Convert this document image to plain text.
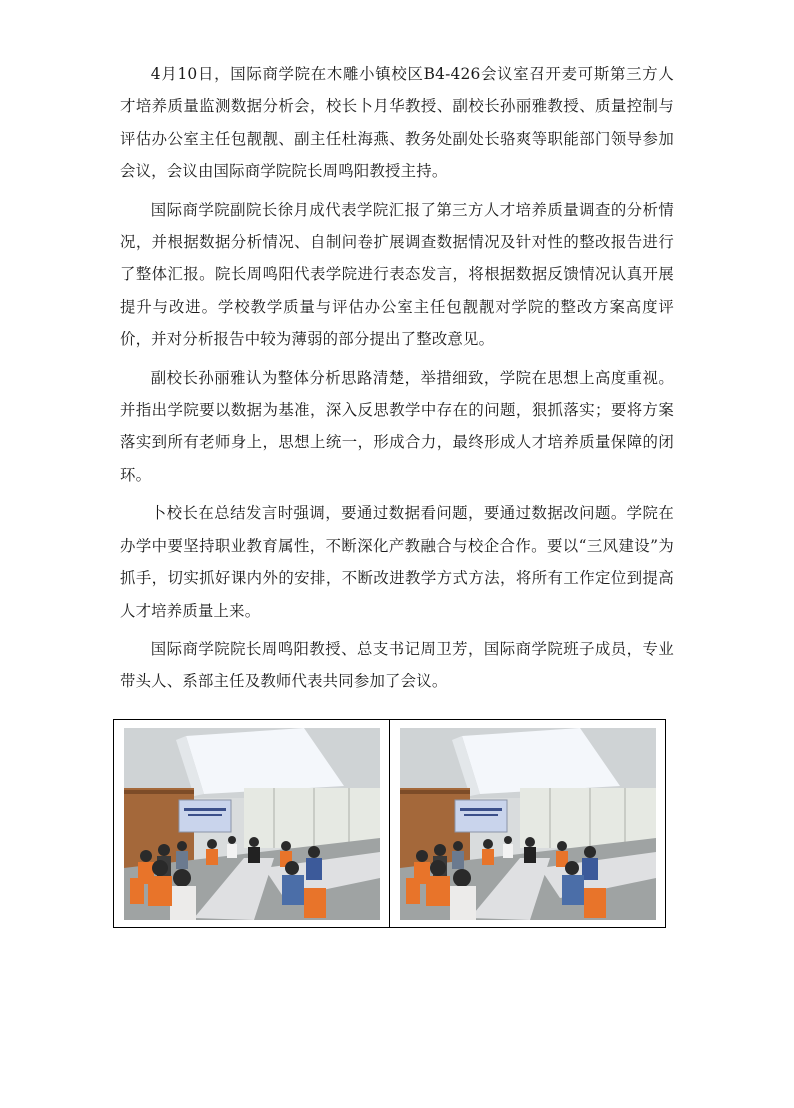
4月10日，国际商学院在木雕小镇校区B4-426会议室召开麦可斯第三方人才培养质量监测数据分析会，校长卜月华教授、副校长孙丽雅教授、质量控制与评估办公室主任包靓靓、副主任杜海燕、教务处副处长骆爽等职能部门领导参加会议，会议由国际商学院院长周鸣阳教授主持。

国际商学院副院长徐月成代表学院汇报了第三方人才培养质量调查的分析情况，并根据数据分析情况、自制问卷扩展调查数据情况及针对性的整改报告进行了整体汇报。院长周鸣阳代表学院进行表态发言，将根据数据反馈情况认真开展提升与改进。学校教学质量与评估办公室主任包靓靓对学院的整改方案高度评价，并对分析报告中较为薄弱的部分提出了整改意见。

副校长孙丽雅认为整体分析思路清楚，举措细致，学院在思想上高度重视。并指出学院要以数据为基准，深入反思教学中存在的问题，狠抓落实；要将方案落实到所有老师身上，思想上统一，形成合力，最终形成人才培养质量保障的闭环。

卜校长在总结发言时强调，要通过数据看问题，要通过数据改问题。学院在办学中要坚持职业教育属性，不断深化产教融合与校企合作。要以“三风建设”为抓手，切实抓好课内外的安排，不断改进教学方式方法，将所有工作定位到提高人才培养质量上来。

国际商学院院长周鸣阳教授、总支书记周卫芳，国际商学院班子成员，专业带头人、系部主任及教师代表共同参加了会议。
